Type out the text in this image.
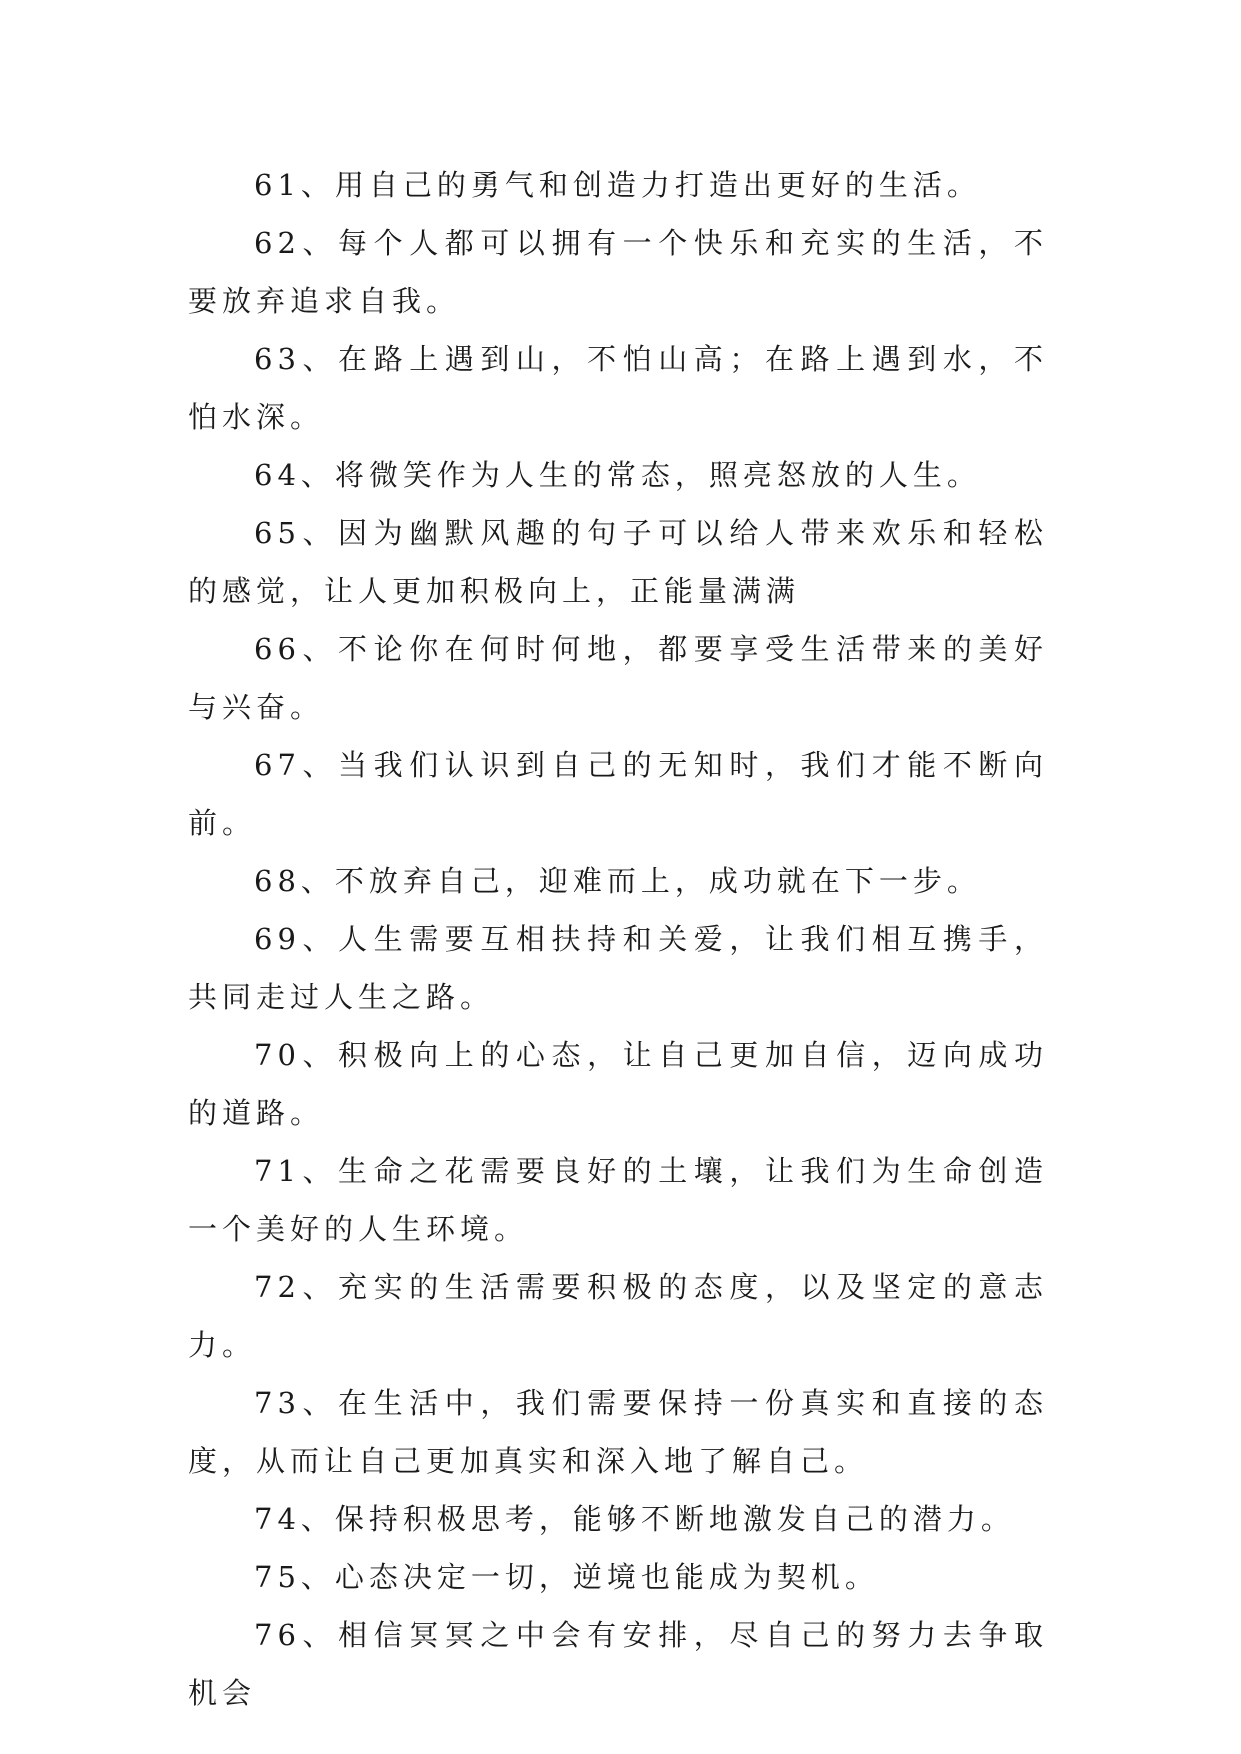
61、用自己的勇气和创造力打造出更好的生活。

62、每个人都可以拥有一个快乐和充实的生活，不要放弃追求自我。

63、在路上遇到山，不怕山高；在路上遇到水，不怕水深。

64、将微笑作为人生的常态，照亮怒放的人生。

65、因为幽默风趣的句子可以给人带来欢乐和轻松的感觉，让人更加积极向上，正能量满满

66、不论你在何时何地，都要享受生活带来的美好与兴奋。

67、当我们认识到自己的无知时，我们才能不断向前。

68、不放弃自己，迎难而上，成功就在下一步。

69、人生需要互相扶持和关爱，让我们相互携手，共同走过人生之路。

70、积极向上的心态，让自己更加自信，迈向成功的道路。

71、生命之花需要良好的土壤，让我们为生命创造一个美好的人生环境。

72、充实的生活需要积极的态度，以及坚定的意志力。

73、在生活中，我们需要保持一份真实和直接的态度，从而让自己更加真实和深入地了解自己。

74、保持积极思考，能够不断地激发自己的潜力。

75、心态决定一切，逆境也能成为契机。

76、相信冥冥之中会有安排，尽自己的努力去争取机会
